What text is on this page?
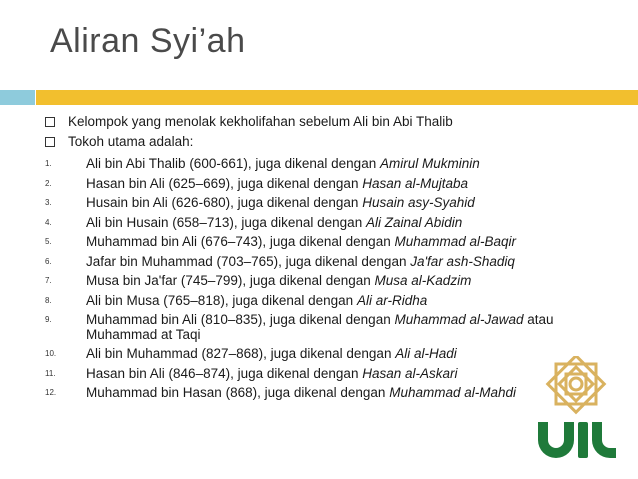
Aliran Syi’ah
Kelompok yang menolak kekholifahan sebelum Ali bin Abi Thalib
Tokoh utama adalah:
1.	Ali bin Abi Thalib (600-661), juga dikenal dengan Amirul Mukminin
2.	Hasan bin Ali (625–669), juga dikenal dengan Hasan al-Mujtaba
3.	Husain bin Ali (626-680), juga dikenal dengan Husain asy-Syahid
4.	Ali bin Husain (658–713), juga dikenal dengan Ali Zainal Abidin
5.	Muhammad bin Ali (676–743), juga dikenal dengan Muhammad al-Baqir
6.	Jafar bin Muhammad (703–765), juga dikenal dengan Ja'far ash-Shadiq
7.	Musa bin Ja'far (745–799), juga dikenal dengan Musa al-Kadzim
8.	Ali bin Musa (765–818), juga dikenal dengan Ali ar-Ridha
9.	Muhammad bin Ali (810–835), juga dikenal dengan Muhammad al-Jawad atau
Muhammad at Taqi
10. Ali bin Muhammad (827–868), juga dikenal dengan Ali al-Hadi
11. Hasan bin Ali (846–874), juga dikenal dengan Hasan al-Askari
12. Muhammad bin Hasan (868), juga dikenal dengan Muhammad al-Mahdi
